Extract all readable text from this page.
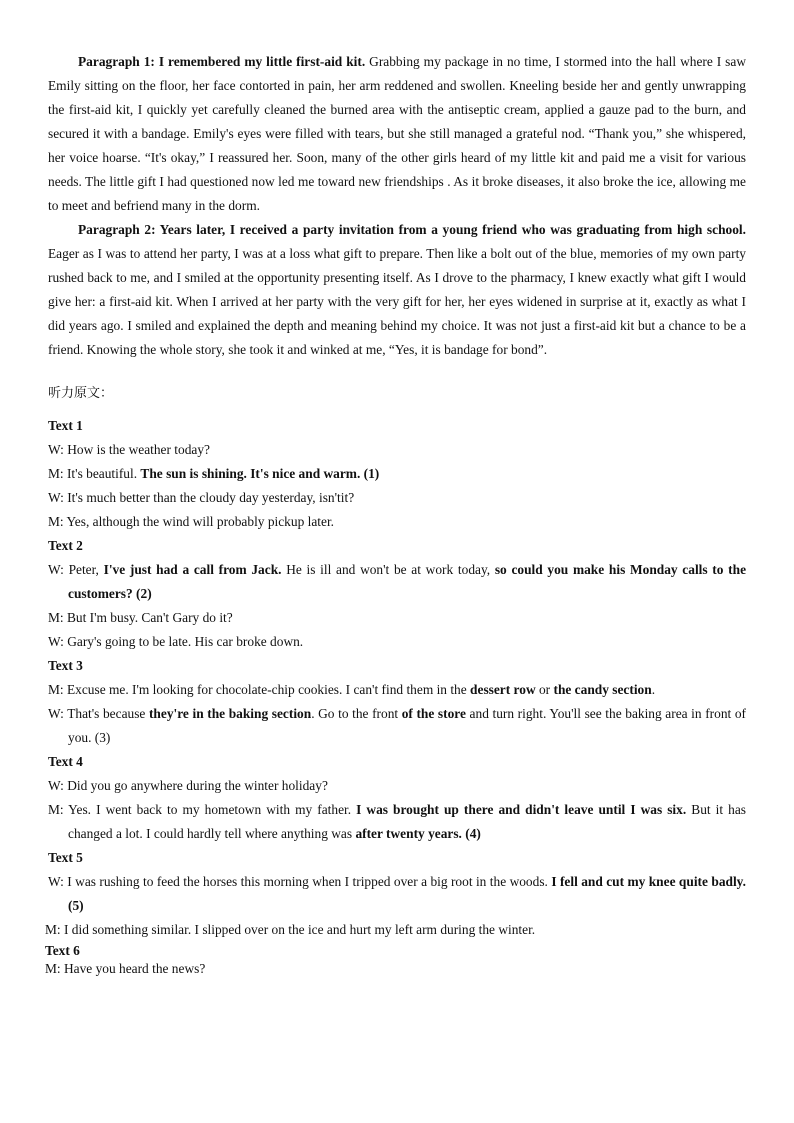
Paragraph 1: I remembered my little first-aid kit. Grabbing my package in no time, I stormed into the hall where I saw Emily sitting on the floor, her face contorted in pain, her arm reddened and swollen. Kneeling beside her and gently unwrapping the first-aid kit, I quickly yet carefully cleaned the burned area with the antiseptic cream, applied a gauze pad to the burn, and secured it with a bandage. Emily's eyes were filled with tears, but she still managed a grateful nod. “Thank you,” she whispered, her voice hoarse. “It's okay,” I reassured her. Soon, many of the other girls heard of my little kit and paid me a visit for various needs. The little gift I had questioned now led me toward new friendships . As it broke diseases, it also broke the ice, allowing me to meet and befriend many in the dorm.

Paragraph 2: Years later, I received a party invitation from a young friend who was graduating from high school. Eager as I was to attend her party, I was at a loss what gift to prepare. Then like a bolt out of the blue, memories of my own party rushed back to me, and I smiled at the opportunity presenting itself. As I drove to the pharmacy, I knew exactly what gift I would give her: a first-aid kit. When I arrived at her party with the very gift for her, her eyes widened in surprise at it, exactly as what I did years ago. I smiled and explained the depth and meaning behind my choice. It was not just a first-aid kit but a chance to be a friend. Knowing the whole story, she took it and winked at me, “Yes, it is bandage for bond”.

听力原文：
Text 1
W: How is the weather today?
M: It's beautiful. The sun is shining. It's nice and warm. (1)
W: It's much better than the cloudy day yesterday, isn'tit?
M: Yes, although the wind will probably pickup later.
Text 2
W: Peter, I've just had a call from Jack. He is ill and won't be at work today, so could you make his Monday calls to the customers? (2)
M: But I'm busy. Can't Gary do it?
W: Gary's going to be late. His car broke down.
Text 3
M: Excuse me. I'm looking for chocolate-chip cookies. I can't find them in the dessert row or the candy section.
W: That's because they're in the baking section. Go to the front of the store and turn right. You'll see the baking area in front of you. (3)
Text 4
W: Did you go anywhere during the winter holiday?
M: Yes. I went back to my hometown with my father. I was brought up there and didn't leave until I was six. But it has changed a lot. I could hardly tell where anything was after twenty years. (4)
Text 5
W: I was rushing to feed the horses this morning when I tripped over a big root in the woods. I fell and cut my knee quite badly. (5)
M: I did something similar. I slipped over on the ice and hurt my left arm during the winter.
Text 6
M: Have you heard the news?
